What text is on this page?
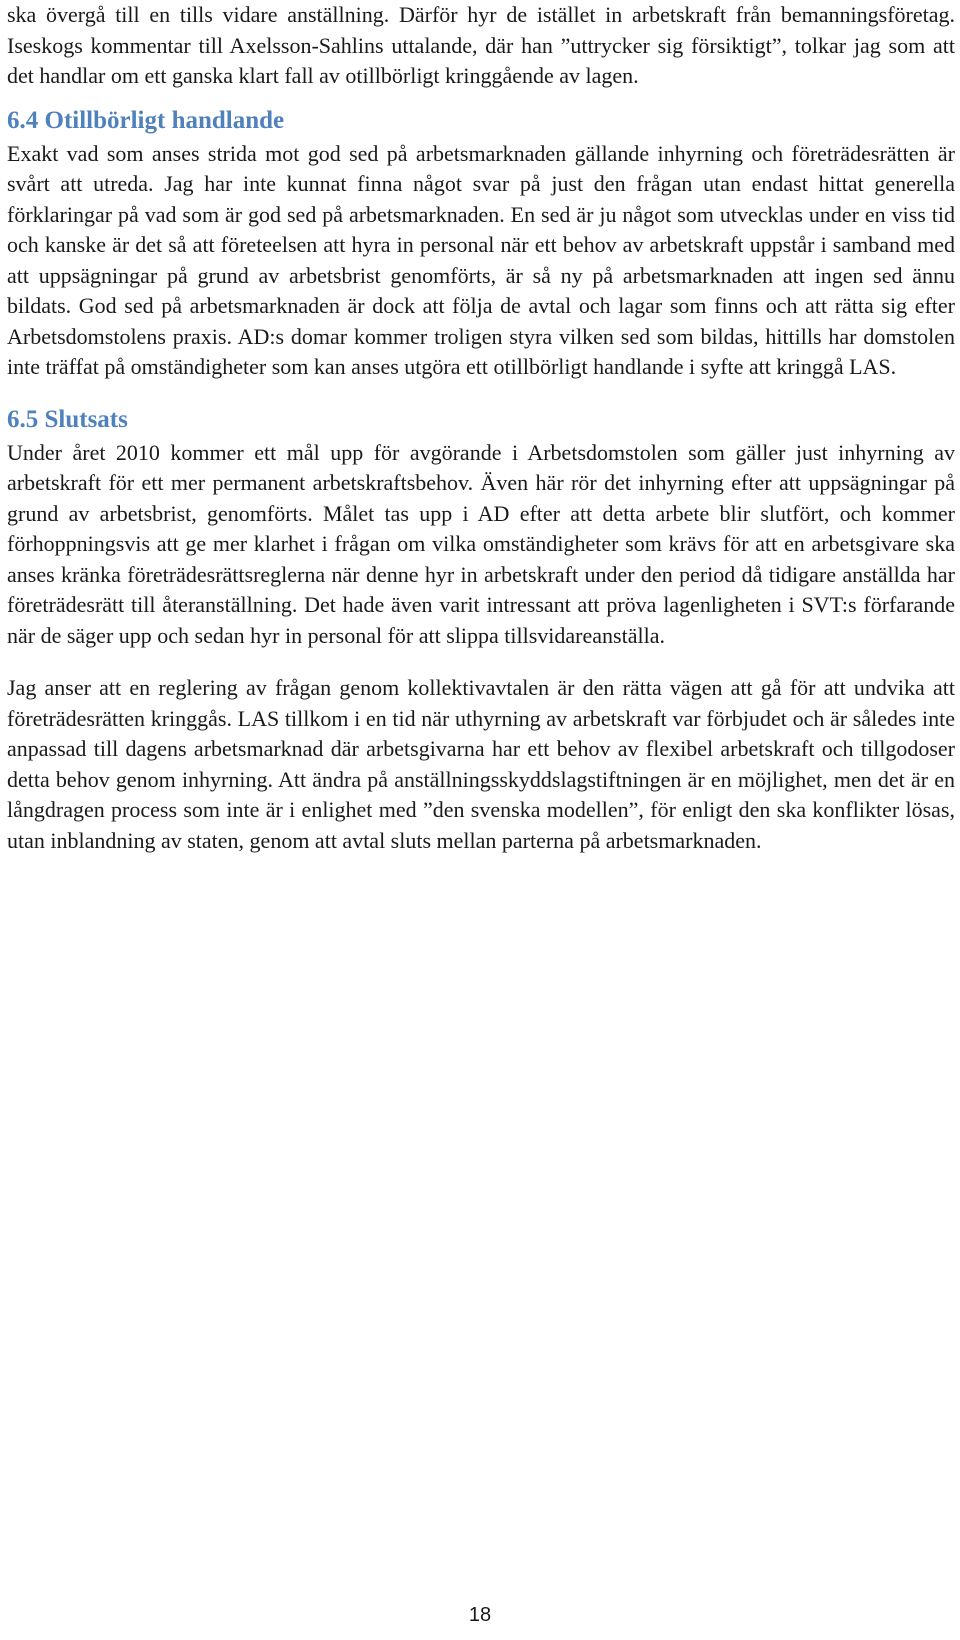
ska övergå till en tills vidare anställning. Därför hyr de istället in arbetskraft från bemanningsföretag. Iseskogs kommentar till Axelsson-Sahlins uttalande, där han ”uttrycker sig försiktigt”, tolkar jag som att det handlar om ett ganska klart fall av otillbörligt kringgående av lagen.

6.4 Otillbörligt handlande

Exakt vad som anses strida mot god sed på arbetsmarknaden gällande inhyrning och företrädesrätten är svårt att utreda. Jag har inte kunnat finna något svar på just den frågan utan endast hittat generella förklaringar på vad som är god sed på arbetsmarknaden. En sed är ju något som utvecklas under en viss tid och kanske är det så att företeelsen att hyra in personal när ett behov av arbetskraft uppstår i samband med att uppsägningar på grund av arbetsbrist genomförts, är så ny på arbetsmarknaden att ingen sed ännu bildats. God sed på arbetsmarknaden är dock att följa de avtal och lagar som finns och att rätta sig efter Arbetsdomstolens praxis. AD:s domar kommer troligen styra vilken sed som bildas, hittills har domstolen inte träffat på omständigheter som kan anses utgöra ett otillbörligt handlande i syfte att kringgå LAS.

6.5 Slutsats

Under året 2010 kommer ett mål upp för avgörande i Arbetsdomstolen som gäller just inhyrning av arbetskraft för ett mer permanent arbetskraftsbehov. Även här rör det inhyrning efter att uppsägningar på grund av arbetsbrist, genomförts. Målet tas upp i AD efter att detta arbete blir slutfört, och kommer förhoppningsvis att ge mer klarhet i frågan om vilka omständigheter som krävs för att en arbetsgivare ska anses kränka företrädesrättsreglerna när denne hyr in arbetskraft under den period då tidigare anställda har företrädesrätt till återanställning. Det hade även varit intressant att pröva lagenligheten i SVT:s förfarande när de säger upp och sedan hyr in personal för att slippa tillsvidareanställa.

Jag anser att en reglering av frågan genom kollektivavtalen är den rätta vägen att gå för att undvika att företrädesrätten kringgås. LAS tillkom i en tid när uthyrning av arbetskraft var förbjudet och är således inte anpassad till dagens arbetsmarknad där arbetsgivarna har ett behov av flexibel arbetskraft och tillgodoser detta behov genom inhyrning. Att ändra på anställningsskyddslagstiftningen är en möjlighet, men det är en långdragen process som inte är i enlighet med ”den svenska modellen”, för enligt den ska konflikter lösas, utan inblandning av staten, genom att avtal sluts mellan parterna på arbetsmarknaden.

18
